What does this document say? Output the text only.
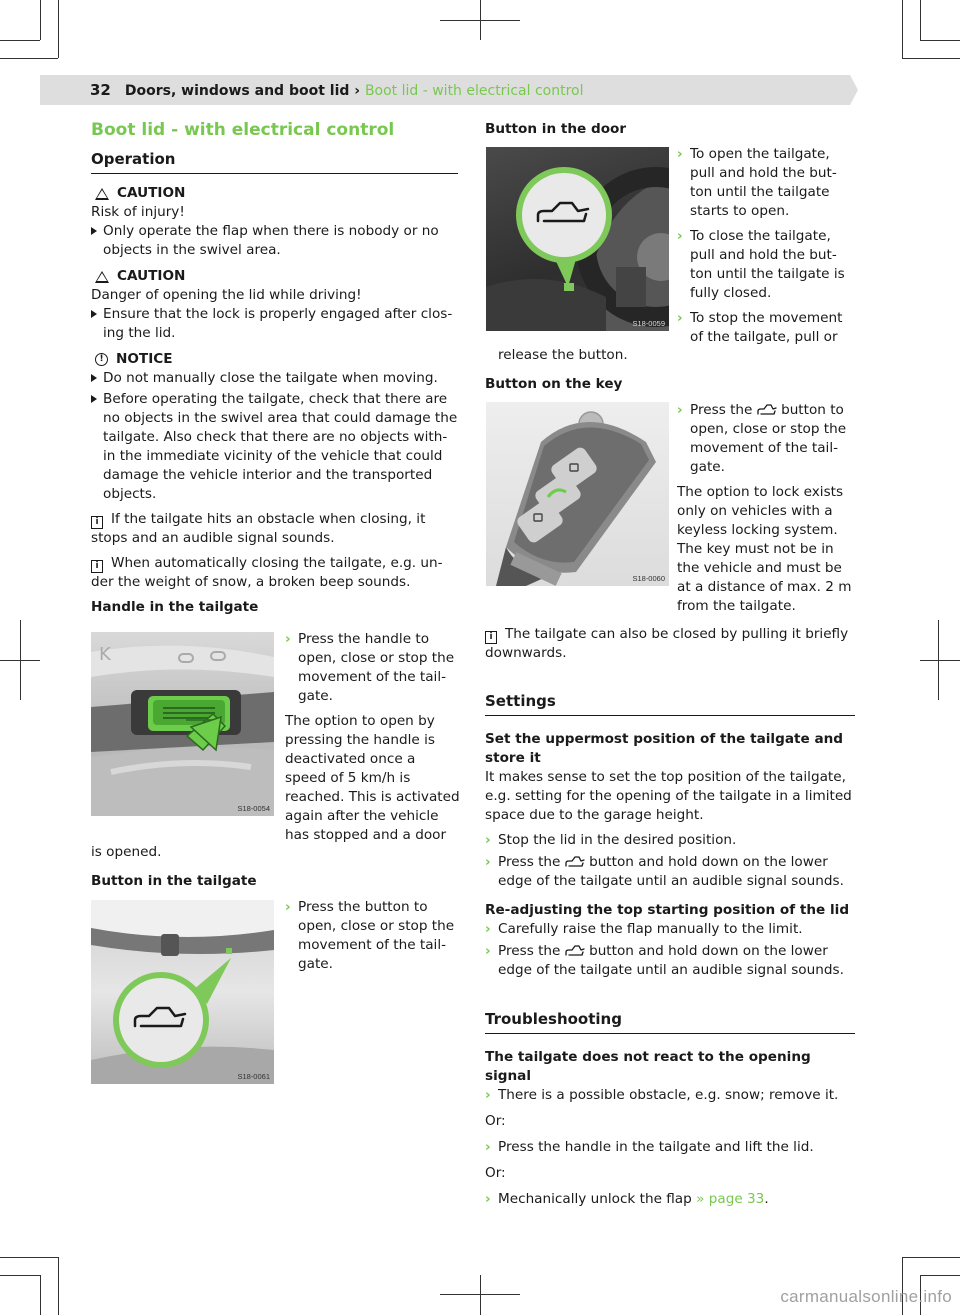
32 Doors, windows and boot lid › Boot lid - with electrical control

Boot lid - with electrical control

Operation

CAUTION

Risk of injury!

Only operate the flap when there is nobody or no objects in the swivel area.

CAUTION

Danger of opening the lid while driving!

Ensure that the lock is properly engaged after clos-ing the lid.

! NOTICE

Do not manually close the tailgate when moving.

Before operating the tailgate, check that there are no objects in the swivel area that could damage the tailgate. Also check that there are no objects with-in the immediate vicinity of the vehicle that could damage the vehicle interior and the transported objects.

i If the tailgate hits an obstacle when closing, it stops and an audible signal sounds.

i When automatically closing the tailgate, e.g. un-der the weight of snow, a broken beep sounds.

Handle in the tailgate

K
S18-0054

› Press the handle to open, close or stop the movement of the tail-gate.

The option to open by pressing the handle is deactivated once a speed of 5 km/h is reached. This is activated again after the vehicle has stopped and a door

is opened.

Button in the tailgate

S18-0061

› Press the button to open, close or stop the movement of the tail-gate.

Button in the door

S18-0059

› To open the tailgate, pull and hold the but-ton until the tailgate starts to open.

› To close the tailgate, pull and hold the but-ton until the tailgate is fully closed.

› To stop the movement of the tailgate, pull or

release the button.

Button on the key

S18-0060

› Press the button to open, close or stop the movement of the tail-gate.

The option to lock exists only on vehicles with a keyless locking system. The key must not be in the vehicle and must be at a distance of max. 2 m from the tailgate.

i The tailgate can also be closed by pulling it briefly downwards.

Settings

Set the uppermost position of the tailgate and store it

It makes sense to set the top position of the tailgate, e.g. setting for the opening of the tailgate in a limited space due to the garage height.

› Stop the lid in the desired position.

› Press the button and hold down on the lower edge of the tailgate until an audible signal sounds.

Re-adjusting the top starting position of the lid

› Carefully raise the flap manually to the limit.

› Press the button and hold down on the lower edge of the tailgate until an audible signal sounds.

Troubleshooting

The tailgate does not react to the opening signal

› There is a possible obstacle, e.g. snow; remove it.

Or:

› Press the handle in the tailgate and lift the lid.

Or:

› Mechanically unlock the flap » page 33.

carmanualsonline.info
